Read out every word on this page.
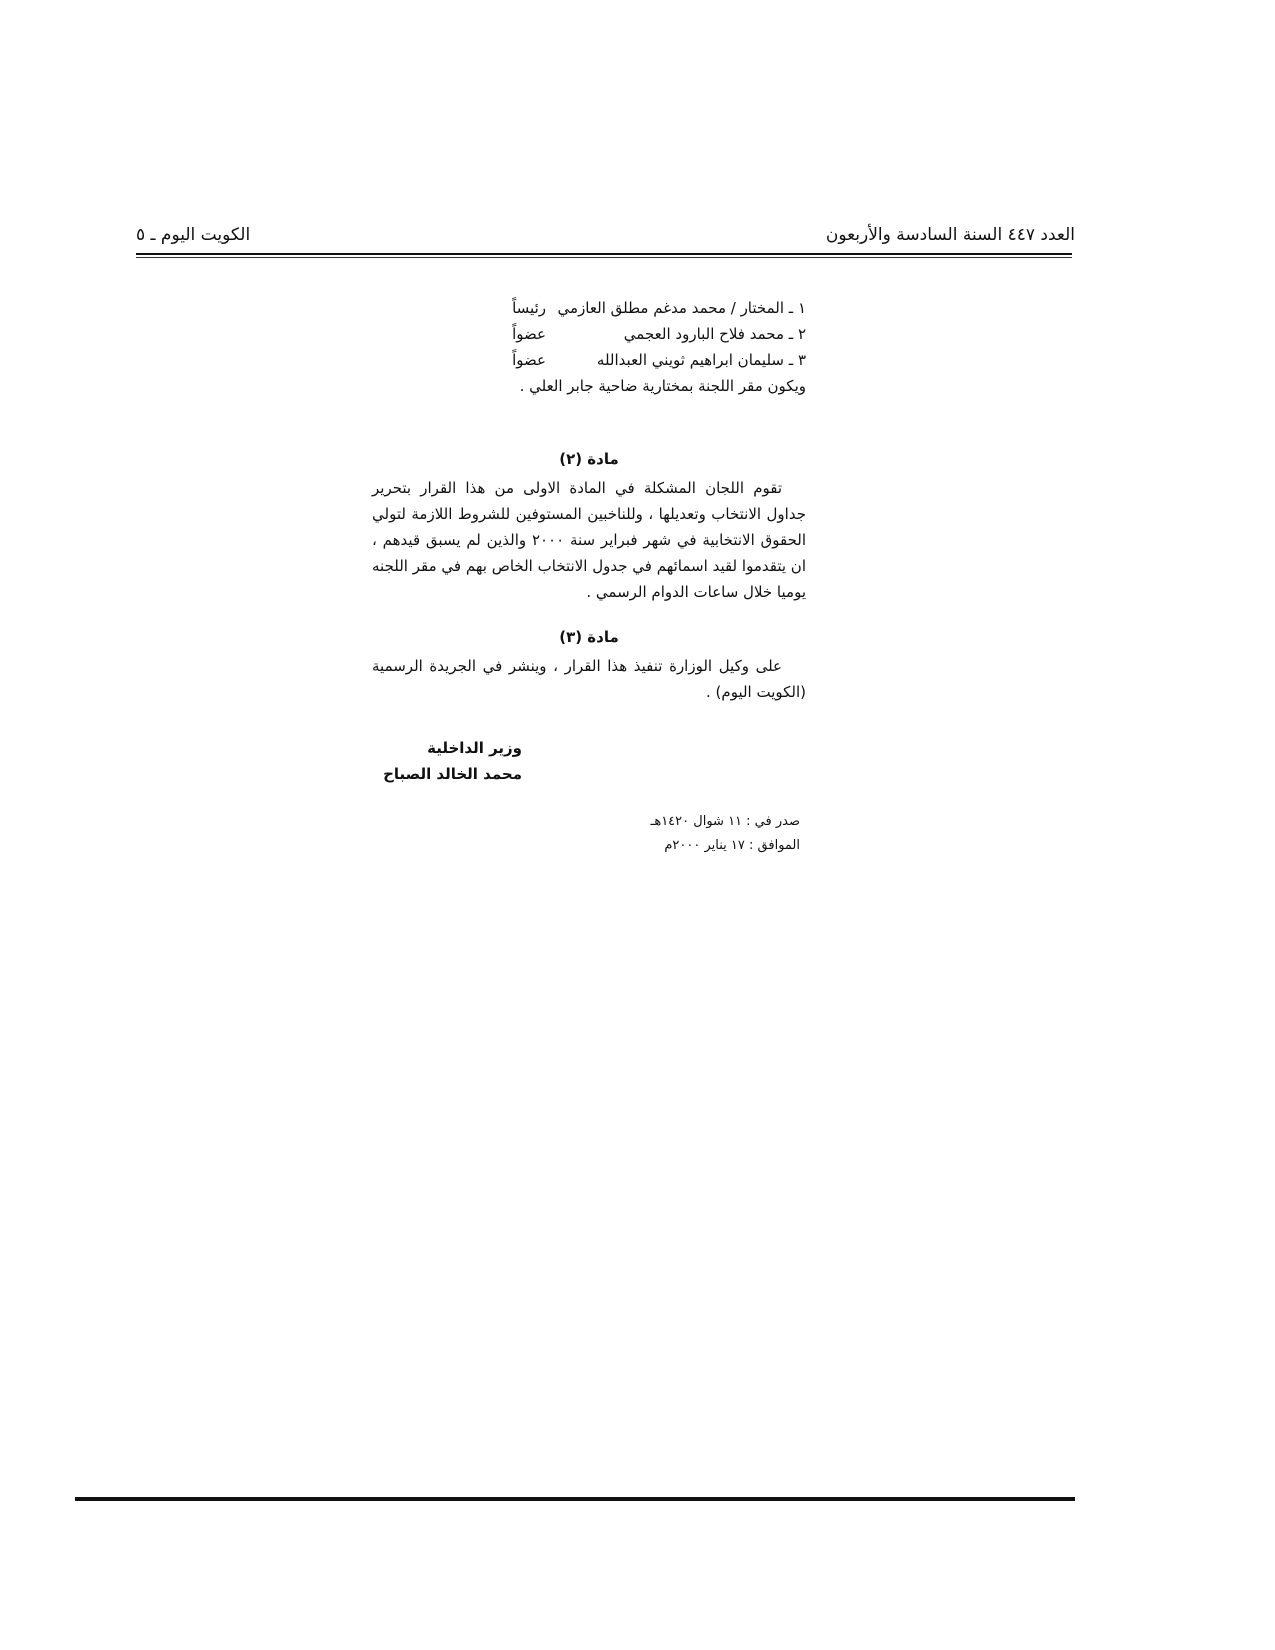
العدد ٤٤٧ السنة السادسة والأربعون
الكويت اليوم ـ ٥
١ ـ المختار / محمد مدغم مطلق العازمي
رئيساً
٢ ـ محمد فلاح البارود العجمي
عضواً
٣ ـ سليمان ابراهيم ثويني العبدالله
عضواً
ويكون مقر اللجنة بمختارية ضاحية جابر العلي .
مادة (٢)
تقوم اللجان المشكلة في المادة الاولى من هذا القرار بتحرير جداول الانتخاب وتعديلها ، وللناخبين المستوفين للشروط اللازمة لتولي الحقوق الانتخابية في شهر فبراير سنة ٢٠٠٠ والذين لم يسبق قيدهم ، ان يتقدموا لقيد اسمائهم في جدول الانتخاب الخاص بهم في مقر اللجنه يوميا خلال ساعات الدوام الرسمي .
مادة (٣)
على وكيل الوزارة تنفيذ هذا القرار ، وينشر في الجريدة الرسمية (الكويت اليوم) .
وزير الداخلية
محمد الخالد الصباح
صدر في : ١١ شوال ١٤٢٠هـ
الموافق : ١٧ يناير ٢٠٠٠م
